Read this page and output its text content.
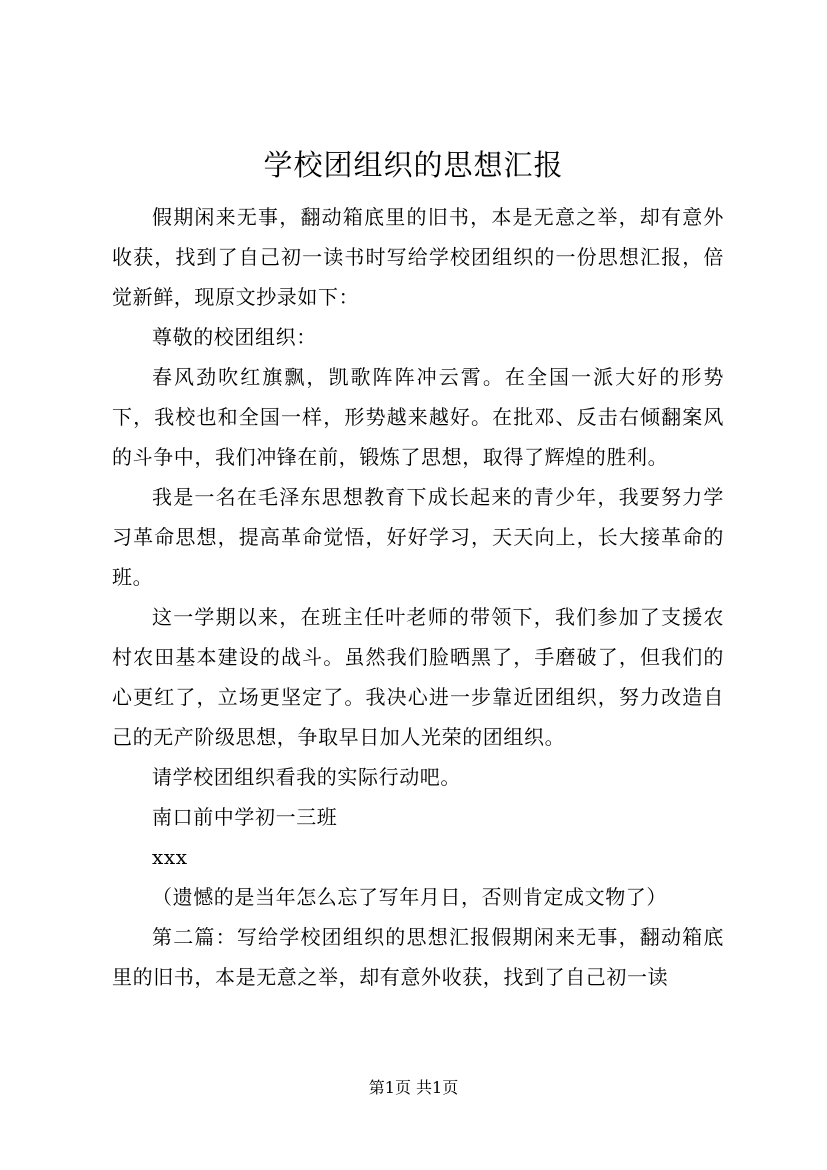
学校团组织的思想汇报

假期闲来无事，翻动箱底里的旧书，本是无意之举，却有意外收获，找到了自己初一读书时写给学校团组织的一份思想汇报，倍觉新鲜，现原文抄录如下：

尊敬的校团组织：

春风劲吹红旗飘，凯歌阵阵冲云霄。在全国一派大好的形势下，我校也和全国一样，形势越来越好。在批邓、反击右倾翻案风的斗争中，我们冲锋在前，锻炼了思想，取得了辉煌的胜利。

我是一名在毛泽东思想教育下成长起来的青少年，我要努力学习革命思想，提高革命觉悟，好好学习，天天向上，长大接革命的班。

这一学期以来，在班主任叶老师的带领下，我们参加了支援农村农田基本建设的战斗。虽然我们脸晒黑了，手磨破了，但我们的心更红了，立场更坚定了。我决心进一步靠近团组织，努力改造自己的无产阶级思想，争取早日加人光荣的团组织。

请学校团组织看我的实际行动吧。

南口前中学初一三班

xxx

（遗憾的是当年怎么忘了写年月日，否则肯定成文物了）

第二篇：写给学校团组织的思想汇报假期闲来无事，翻动箱底里的旧书，本是无意之举，却有意外收获，找到了自己初一读

第1页 共1页
